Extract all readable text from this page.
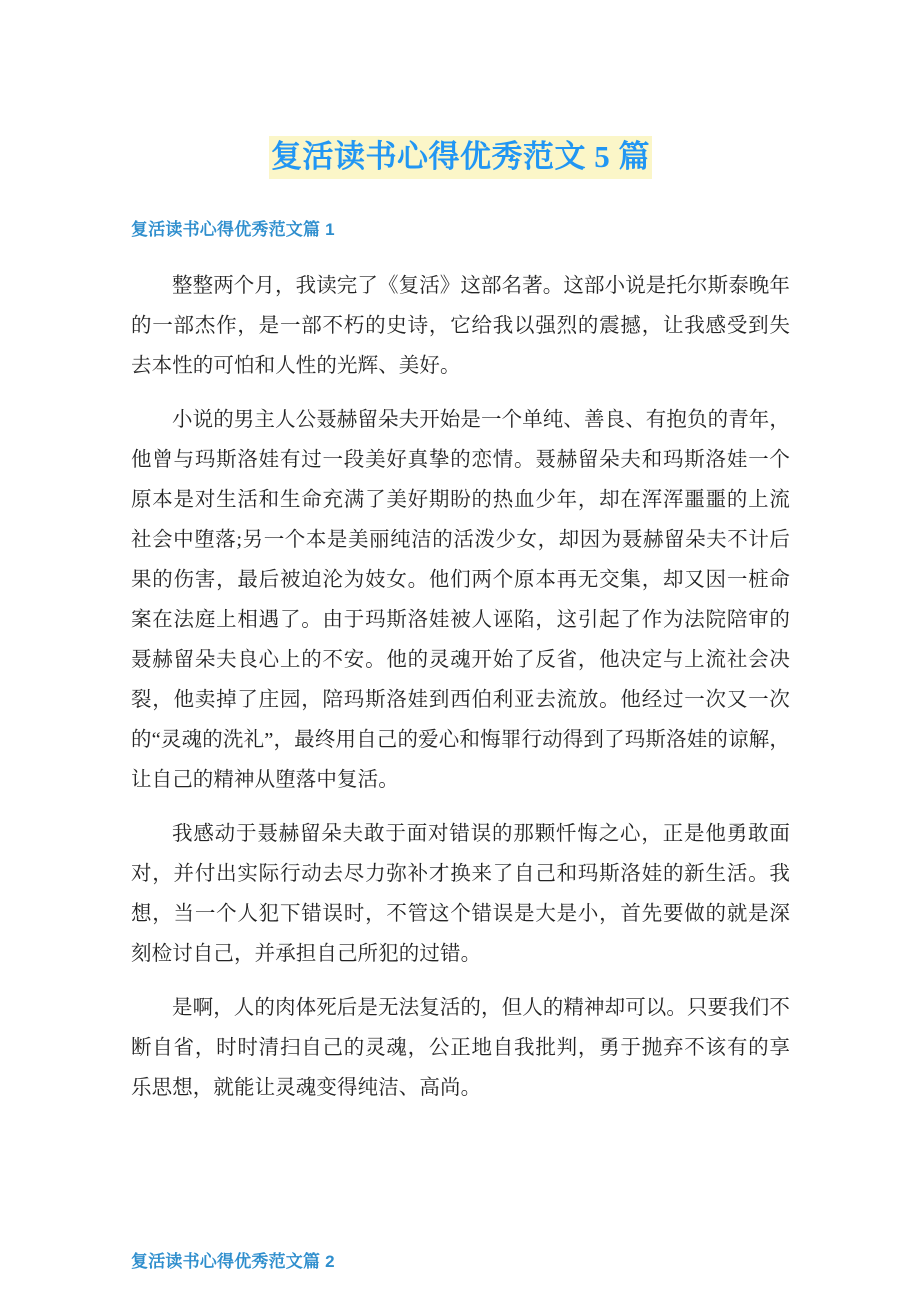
复活读书心得优秀范文 5 篇
复活读书心得优秀范文篇 1

整整两个月，我读完了《复活》这部名著。这部小说是托尔斯泰晚年的一部杰作，是一部不朽的史诗，它给我以强烈的震撼，让我感受到失去本性的可怕和人性的光辉、美好。

小说的男主人公聂赫留朵夫开始是一个单纯、善良、有抱负的青年，他曾与玛斯洛娃有过一段美好真挚的恋情。聂赫留朵夫和玛斯洛娃一个原本是对生活和生命充满了美好期盼的热血少年，却在浑浑噩噩的上流社会中堕落;另一个本是美丽纯洁的活泼少女，却因为聂赫留朵夫不计后果的伤害，最后被迫沦为妓女。他们两个原本再无交集，却又因一桩命案在法庭上相遇了。由于玛斯洛娃被人诬陷，这引起了作为法院陪审的聂赫留朵夫良心上的不安。他的灵魂开始了反省，他决定与上流社会决裂，他卖掉了庄园，陪玛斯洛娃到西伯利亚去流放。他经过一次又一次的“灵魂的洗礼”，最终用自己的爱心和悔罪行动得到了玛斯洛娃的谅解，让自己的精神从堕落中复活。

我感动于聂赫留朵夫敢于面对错误的那颗忏悔之心，正是他勇敢面对，并付出实际行动去尽力弥补才换来了自己和玛斯洛娃的新生活。我想，当一个人犯下错误时，不管这个错误是大是小，首先要做的就是深刻检讨自己，并承担自己所犯的过错。

是啊，人的肉体死后是无法复活的，但人的精神却可以。只要我们不断自省，时时清扫自己的灵魂，公正地自我批判，勇于抛弃不该有的享乐思想，就能让灵魂变得纯洁、高尚。

复活读书心得优秀范文篇 2
